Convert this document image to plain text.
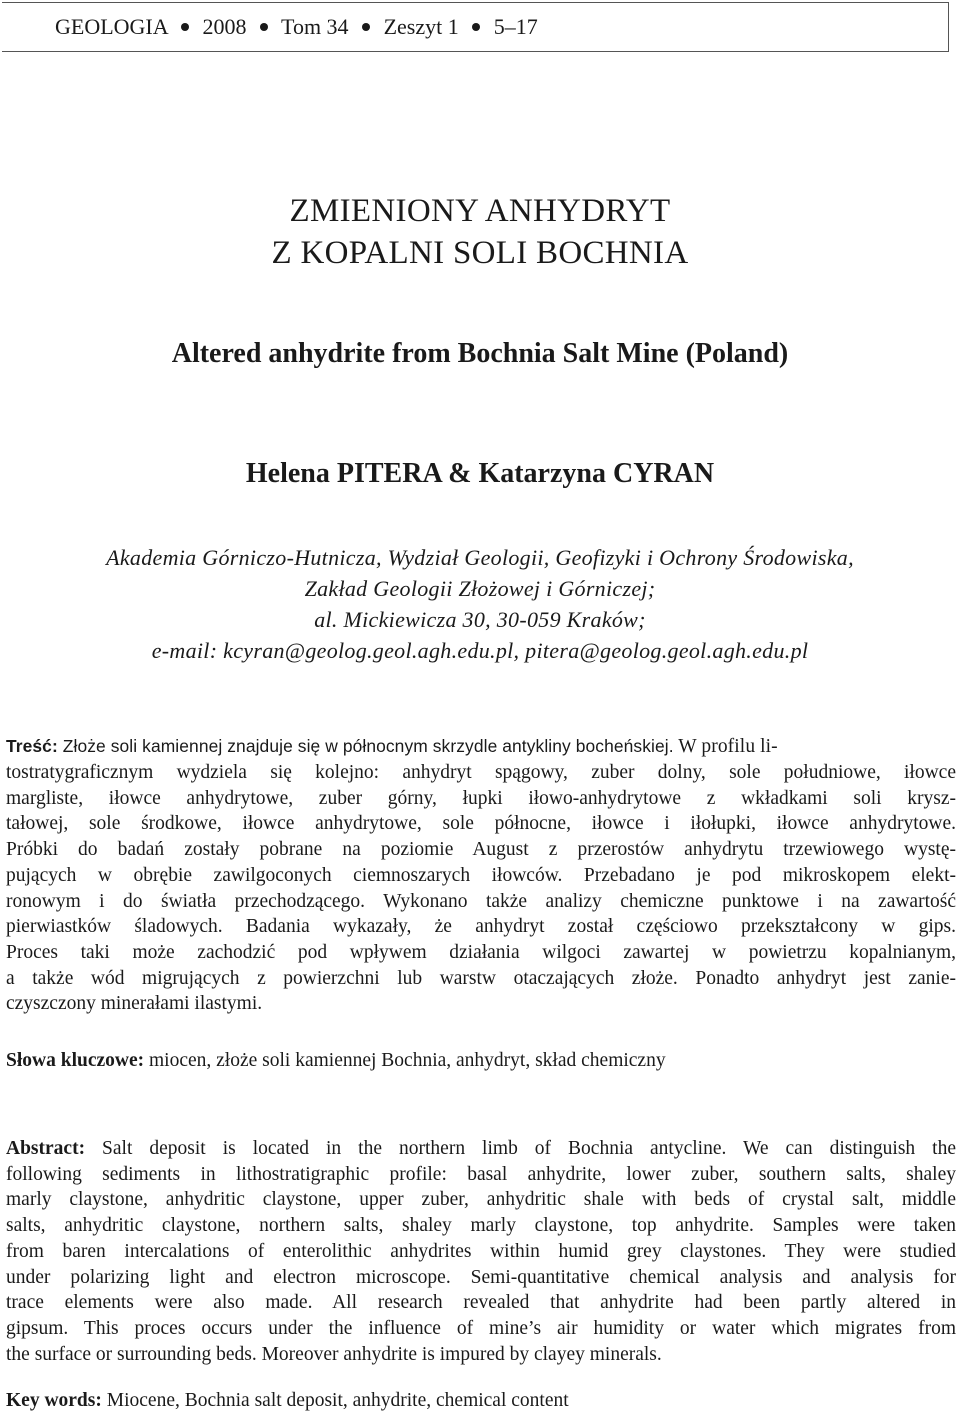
GEOLOGIA 2008 Tom 34 Zeszyt 1 5–17
ZMIENIONY ANHYDRYT
Z KOPALNI SOLI BOCHNIA
Altered anhydrite from Bochnia Salt Mine (Poland)
Helena PITERA & Katarzyna CYRAN
Akademia Górniczo-Hutnicza, Wydział Geologii, Geofizyki i Ochrony Środowiska,
Zakład Geologii Złożowej i Górniczej;
al. Mickiewicza 30, 30-059 Kraków;
e-mail: kcyran@geolog.geol.agh.edu.pl, pitera@geolog.geol.agh.edu.pl
Treść: Złoże soli kamiennej znajduje się w północnym skrzydle antykliny bocheńskiej. W profilu li-
tostratygraficznym wydziela się kolejno: anhydryt spągowy, zuber dolny, sole południowe, iłowce
margliste, iłowce anhydrytowe, zuber górny, łupki iłowo-anhydrytowe z wkładkami soli krysz-
tałowej, sole środkowe, iłowce anhydrytowe, sole północne, iłowce i iłołupki, iłowce anhydrytowe.
Próbki do badań zostały pobrane na poziomie August z przerostów anhydrytu trzewiowego wystę-
pujących w obrębie zawilgoconych ciemnoszarych iłowców. Przebadano je pod mikroskopem elekt-
ronowym i do światła przechodzącego. Wykonano także analizy chemiczne punktowe i na zawartość
pierwiastków śladowych. Badania wykazały, że anhydryt został częściowo przekształcony w gips.
Proces taki może zachodzić pod wpływem działania wilgoci zawartej w powietrzu kopalnianym,
a także wód migrujących z powierzchni lub warstw otaczających złoże. Ponadto anhydryt jest zanie-
czyszczony minerałami ilastymi.
Słowa kluczowe: miocen, złoże soli kamiennej Bochnia, anhydryt, skład chemiczny
Abstract: Salt deposit is located in the northern limb of Bochnia antycline. We can distinguish the
following sediments in lithostratigraphic profile: basal anhydrite, lower zuber, southern salts, shaley
marly claystone, anhydritic claystone, upper zuber, anhydritic shale with beds of crystal salt, middle
salts, anhydritic claystone, northern salts, shaley marly claystone, top anhydrite. Samples were taken
from baren intercalations of enterolithic anhydrites within humid grey claystones. They were studied
under polarizing light and electron microscope. Semi-quantitative chemical analysis and analysis for
trace elements were also made. All research revealed that anhydrite had been partly altered in
gipsum. This proces occurs under the influence of mine’s air humidity or water which migrates from
the surface or surrounding beds. Moreover anhydrite is impured by clayey minerals.
Key words: Miocene, Bochnia salt deposit, anhydrite, chemical content
